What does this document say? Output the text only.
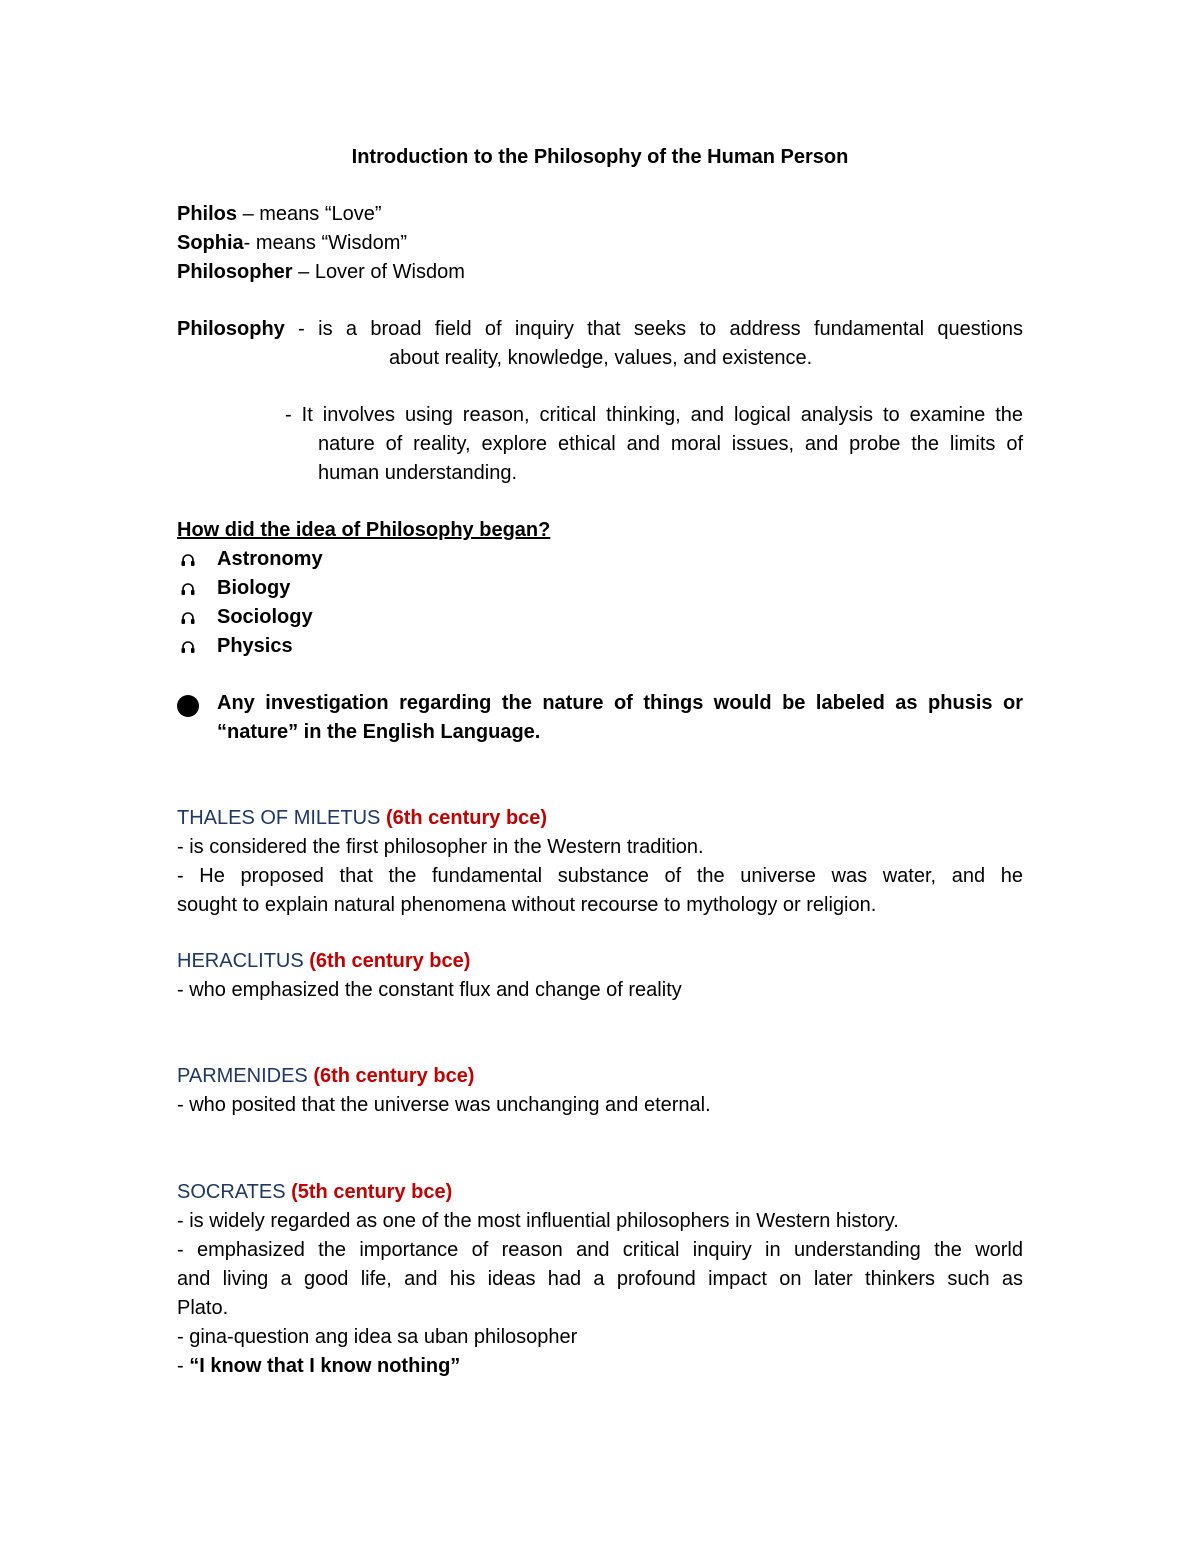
Introduction to the Philosophy of the Human Person
Philos – means “Love”
Sophia- means “Wisdom”
Philosopher – Lover of Wisdom
Philosophy - is a broad field of inquiry that seeks to address fundamental questions
about reality, knowledge, values, and existence.
- It involves using reason, critical thinking, and logical analysis to examine the
nature of reality, explore ethical and moral issues, and probe the limits of
human understanding.
How did the idea of Philosophy began?
Astronomy
Biology
Sociology
Physics
Any investigation regarding the nature of things would be labeled as phusis or
“nature” in the English Language.
THALES OF MILETUS (6th century bce)
- is considered the first philosopher in the Western tradition.
- He proposed that the fundamental substance of the universe was water, and he
sought to explain natural phenomena without recourse to mythology or religion.
HERACLITUS (6th century bce)
- who emphasized the constant flux and change of reality
PARMENIDES (6th century bce)
- who posited that the universe was unchanging and eternal.
SOCRATES (5th century bce)
- is widely regarded as one of the most influential philosophers in Western history.
- emphasized the importance of reason and critical inquiry in understanding the world
and living a good life, and his ideas had a profound impact on later thinkers such as
Plato.
- gina-question ang idea sa uban philosopher
- “I know that I know nothing”
